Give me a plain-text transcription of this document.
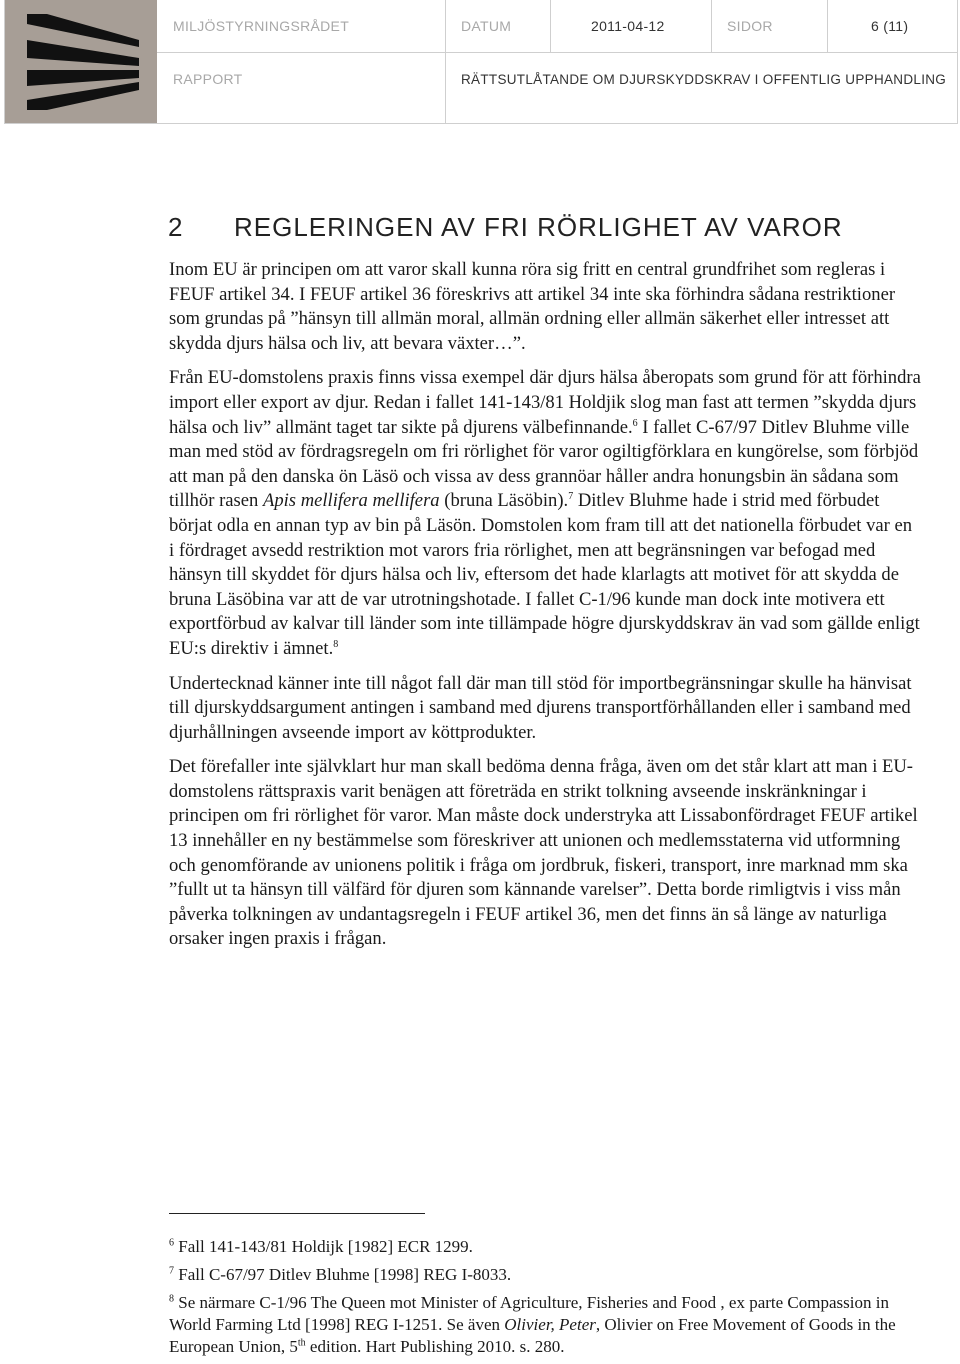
MILJÖSTYRNINGSRÅDET	DATUM	2011-04-12	SIDOR	6 (11)
RAPPORT	RÄTTSUTLÅTANDE OM DJURSKYDDSKRAV I OFFENTLIG UPPHANDLING
2 REGLERINGEN AV FRI RÖRLIGHET AV VAROR

Inom EU är principen om att varor skall kunna röra sig fritt en central grundfrihet som regleras i FEUF artikel 34. I FEUF artikel 36 föreskrivs att artikel 34 inte ska förhindra sådana restriktioner som grundas på ”hänsyn till allmän moral, allmän ordning eller allmän säkerhet eller intresset att skydda djurs hälsa och liv, att bevara växter…”.

Från EU-domstolens praxis finns vissa exempel där djurs hälsa åberopats som grund för att förhindra import eller export av djur. Redan i fallet 141-143/81 Holdjik slog man fast att termen ”skydda djurs hälsa och liv” allmänt taget tar sikte på djurens välbefinnande.$^6$ I fallet C-67/97 Ditlev Bluhme ville man med stöd av fördragsregeln om fri rörlighet för varor ogiltigförklara en kungörelse, som förbjöd att man på den danska ön Läsö och vissa av dess grannöar håller andra honungsbin än sådana som tillhör rasen Apis mellifera mellifera (bruna Läsöbin).$^7$ Ditlev Bluhme hade i strid med förbudet börjat odla en annan typ av bin på Läsön. Domstolen kom fram till att det nationella förbudet var en i fördraget avsedd restriktion mot varors fria rörlighet, men att begränsningen var befogad med hänsyn till skyddet för djurs hälsa och liv, eftersom det hade klarlagts att motivet för att skydda de bruna Läsöbina var att de var utrotningshotade. I fallet C-1/96 kunde man dock inte motivera ett exportförbud av kalvar till länder som inte tillämpade högre djurskyddskrav än vad som gällde enligt EU:s direktiv i ämnet.$^8$

Undertecknad känner inte till något fall där man till stöd för importbegränsningar skulle ha hänvisat till djurskyddsargument antingen i samband med djurens transportförhållanden eller i samband med djurhållningen avseende import av köttprodukter.

Det förefaller inte självklart hur man skall bedöma denna fråga, även om det står klart att man i EU-domstolens rättspraxis varit benägen att företräda en strikt tolkning avseende inskränkningar i principen om fri rörlighet för varor. Man måste dock understryka att Lissabonfördraget FEUF artikel 13 innehåller en ny bestämmelse som föreskriver att unionen och medlemsstaterna vid utformning och genomförande av unionens politik i fråga om jordbruk, fiskeri, transport, inre marknad mm ska ”fullt ut ta hänsyn till välfärd för djuren som kännande varelser”. Detta borde rimligtvis i viss mån påverka tolkningen av undantagsregeln i FEUF artikel 36, men det finns än så länge av naturliga orsaker ingen praxis i frågan.

$^6$ Fall 141-143/81 Holdijk [1982] ECR 1299.
$^7$ Fall C-67/97 Ditlev Bluhme [1998] REG I-8033.
$^8$ Se närmare C-1/96 The Queen mot Minister of Agriculture, Fisheries and Food , ex parte Compassion in World Farming Ltd [1998] REG I-1251. Se även Olivier, Peter, Olivier on Free Movement of Goods in the European Union, 5th edition. Hart Publishing 2010. s. 280.
